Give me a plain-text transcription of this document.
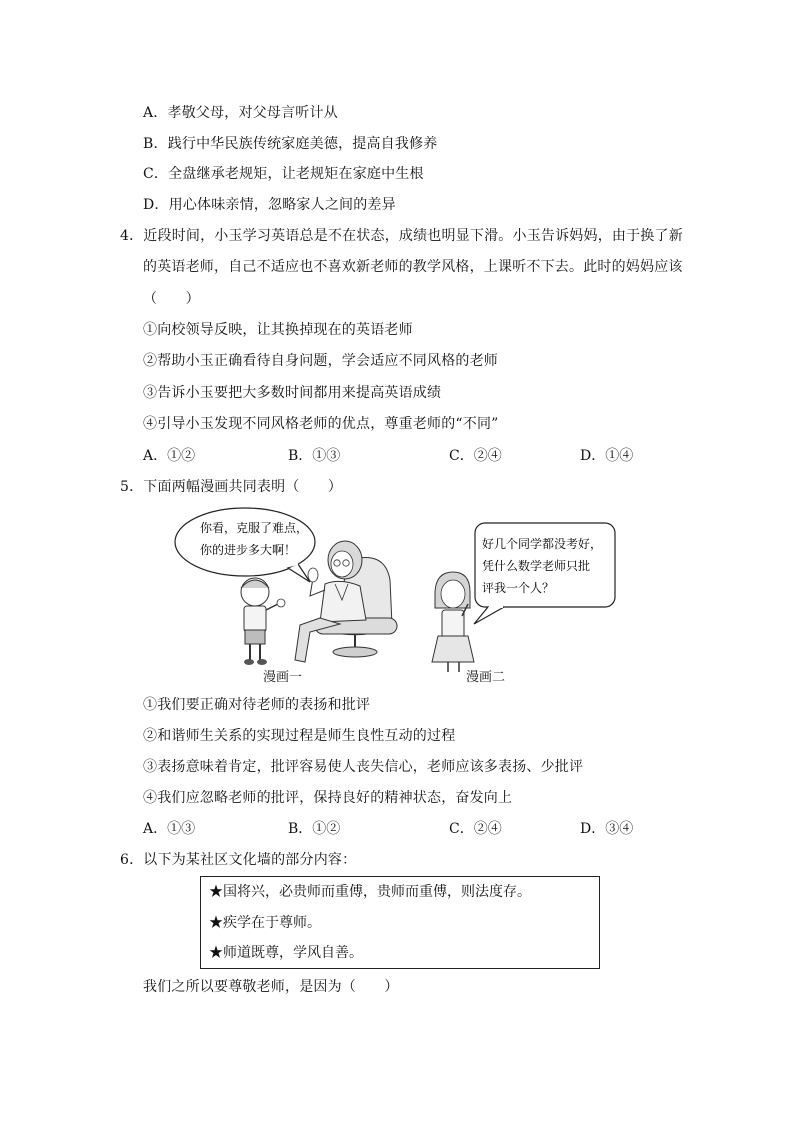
A．孝敬父母，对父母言听计从
B．践行中华民族传统家庭美德，提高自我修养
C．全盘继承老规矩，让老规矩在家庭中生根
D．用心体味亲情，忽略家人之间的差异
4．近段时间，小玉学习英语总是不在状态，成绩也明显下滑。小玉告诉妈妈，由于换了新
的英语老师，自己不适应也不喜欢新老师的教学风格，上课听不下去。此时的妈妈应该
（　　）
①向校领导反映，让其换掉现在的英语老师
②帮助小玉正确看待自身问题，学会适应不同风格的老师
③告诉小玉要把大多数时间都用来提高英语成绩
④引导小玉发现不同风格老师的优点，尊重老师的“不同”
A．①②	B．①③	C．②④	D．①④
5．下面两幅漫画共同表明（　　）
你看，克服了难点，
你的进步多大啊！	好几个同学都没考好，
凭什么数学老师只批
评我一个人？
漫画一	漫画二
①我们要正确对待老师的表扬和批评
②和谐师生关系的实现过程是师生良性互动的过程
③表扬意味着肯定，批评容易使人丧失信心，老师应该多表扬、少批评
④我们应忽略老师的批评，保持良好的精神状态，奋发向上
A．①③	B．①②	C．②④	D．③④
6．以下为某社区文化墙的部分内容：
★国将兴，必贵师而重傅，贵师而重傅，则法度存。
★疾学在于尊师。
★师道既尊，学风自善。
我们之所以要尊敬老师，是因为（　　）
